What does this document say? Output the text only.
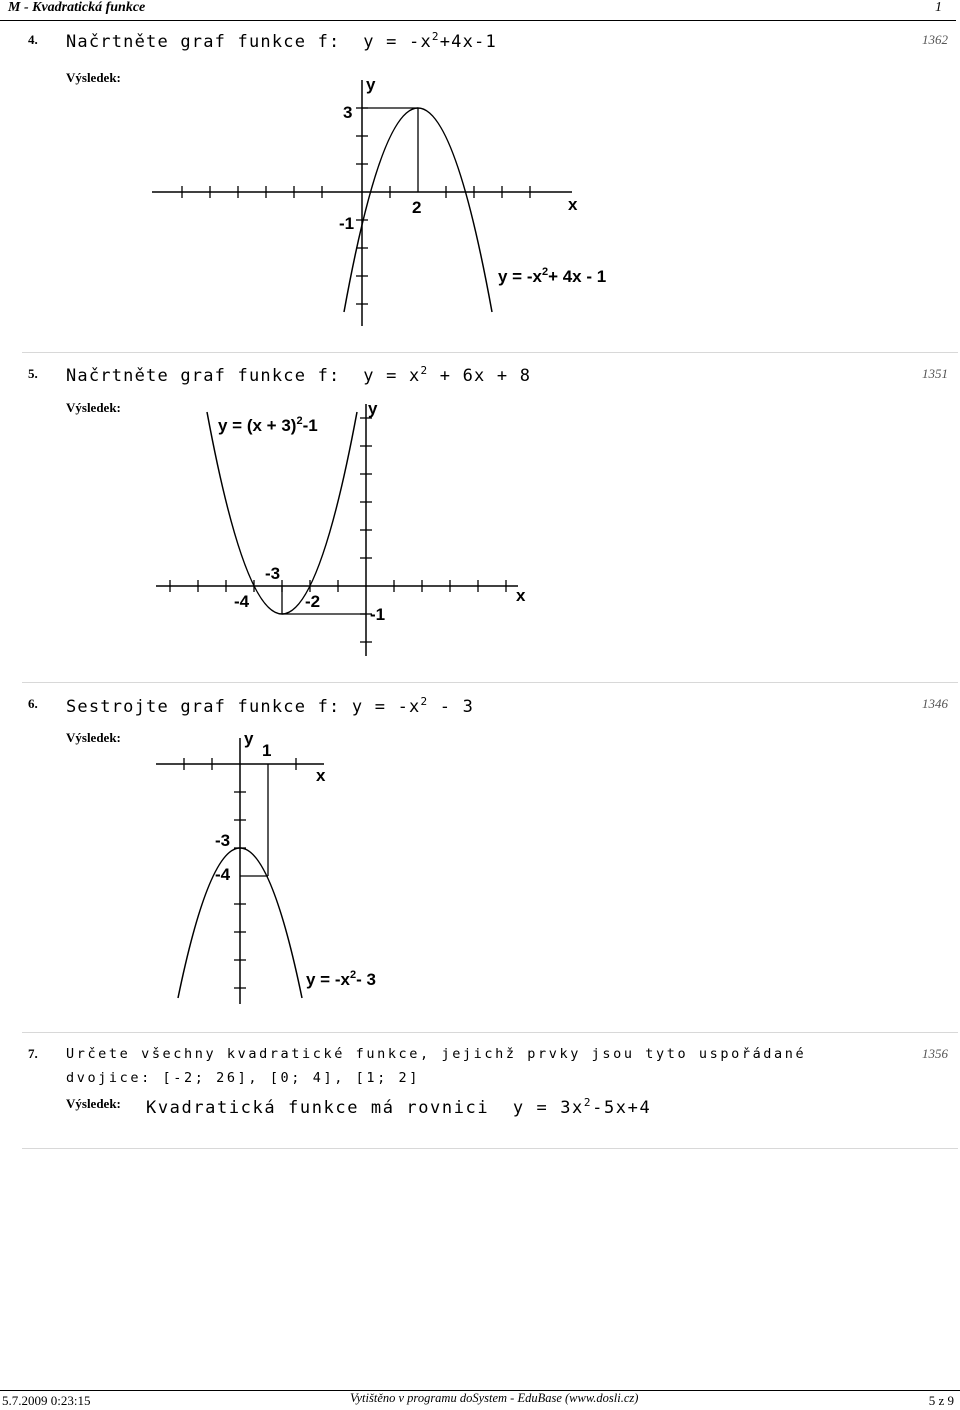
M - Kvadratická funkce	1
4. Načrtněte graf funkce f:  $y = -x^2+4x-1$	1362
Výsledek:	y
x
3
2
-1
$y = -x^2+ 4x - 1$
5. Načrtněte graf funkce f:  $y = x^2 + 6x + 8$	1351
Výsledek:
$y = (x + 3)^2-1$
y
x
-3
-4	-2
-1
6. Sestrojte graf funkce f: $y = -x^2 - 3$	1346
Výsledek:	y
1
x
-3
-4
$y = -x^2-$ 3
7. Určete všechny kvadratické funkce, jejichž prvky jsou tyto uspořádané
dvojice: [-2; 26], [0; 4], [1; 2]
1356
Výsledek: Kvadratická funkce má rovnici  $y = 3x^2-5x+4$
5.7.2009 0:23:15	Vytištěno v programu doSystem - EduBase (www.dosli.cz)	5 z 9
